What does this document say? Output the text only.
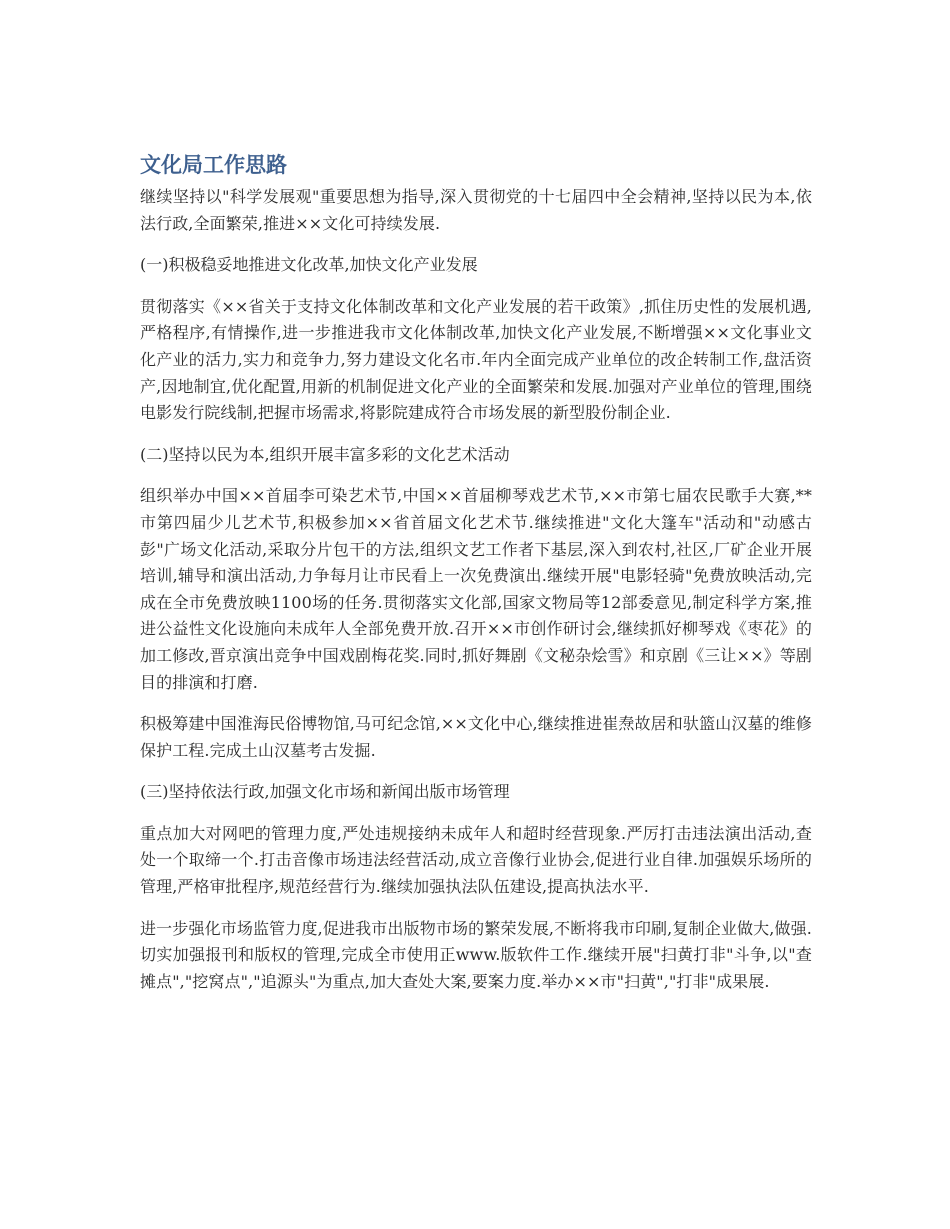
文化局工作思路

继续坚持以"科学发展观"重要思想为指导,深入贯彻党的十七届四中全会精神,坚持以民为本,依法行政,全面繁荣,推进××文化可持续发展.

(一)积极稳妥地推进文化改革,加快文化产业发展

贯彻落实《××省关于支持文化体制改革和文化产业发展的若干政策》,抓住历史性的发展机遇,严格程序,有情操作,进一步推进我市文化体制改革,加快文化产业发展,不断增强××文化事业文化产业的活力,实力和竞争力,努力建设文化名市.年内全面完成产业单位的改企转制工作,盘活资产,因地制宜,优化配置,用新的机制促进文化产业的全面繁荣和发展.加强对产业单位的管理,围绕电影发行院线制,把握市场需求,将影院建成符合市场发展的新型股份制企业.

(二)坚持以民为本,组织开展丰富多彩的文化艺术活动

组织举办中国××首届李可染艺术节,中国××首届柳琴戏艺术节,××市第七届农民歌手大赛,**市第四届少儿艺术节,积极参加××省首届文化艺术节.继续推进"文化大篷车"活动和"动感古彭"广场文化活动,采取分片包干的方法,组织文艺工作者下基层,深入到农村,社区,厂矿企业开展培训,辅导和演出活动,力争每月让市民看上一次免费演出.继续开展"电影轻骑"免费放映活动,完成在全市免费放映1100场的任务.贯彻落实文化部,国家文物局等12部委意见,制定科学方案,推进公益性文化设施向未成年人全部免费开放.召开××市创作研讨会,继续抓好柳琴戏《枣花》的加工修改,晋京演出竞争中国戏剧梅花奖.同时,抓好舞剧《文秘杂烩雪》和京剧《三让××》等剧目的排演和打磨.

积极筹建中国淮海民俗博物馆,马可纪念馆,××文化中心,继续推进崔焘故居和驮篮山汉墓的维修保护工程.完成土山汉墓考古发掘.

(三)坚持依法行政,加强文化市场和新闻出版市场管理

重点加大对网吧的管理力度,严处违规接纳未成年人和超时经营现象.严厉打击违法演出活动,查处一个取缔一个.打击音像市场违法经营活动,成立音像行业协会,促进行业自律.加强娱乐场所的管理,严格审批程序,规范经营行为.继续加强执法队伍建设,提高执法水平.

进一步强化市场监管力度,促进我市出版物市场的繁荣发展,不断将我市印刷,复制企业做大,做强.切实加强报刊和版权的管理,完成全市使用正www.版软件工作.继续开展"扫黄打非"斗争,以"查摊点","挖窝点","追源头"为重点,加大查处大案,要案力度.举办××市"扫黄","打非"成果展.
